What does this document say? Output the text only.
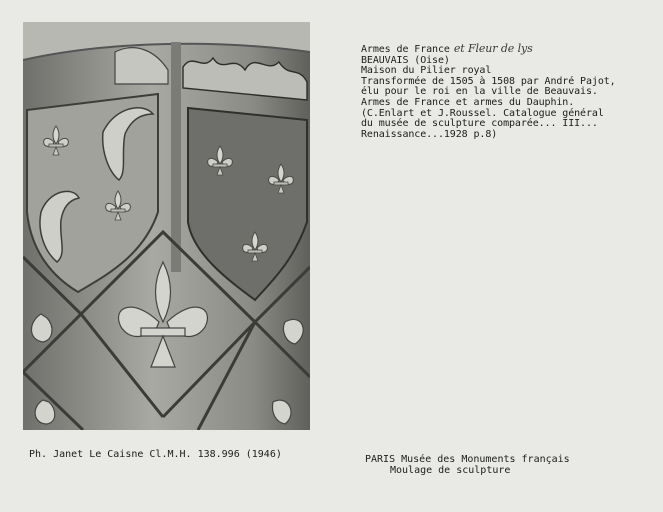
Armes de France et Fleur de lys
BEAUVAIS (Oise)
Maison du Pilier royal
Transformée de 1505 à 1508 par André Pajot,
élu pour le roi en la ville de Beauvais.
Armes de France et armes du Dauphin.
(C.Enlart et J.Roussel. Catalogue général
du musée de sculpture comparée... III...
Renaissance...1928 p.8)
Ph. Janet Le Caisne Cl.M.H. 138.996 (1946)	PARIS Musée des Monuments français
Moulage de sculpture
